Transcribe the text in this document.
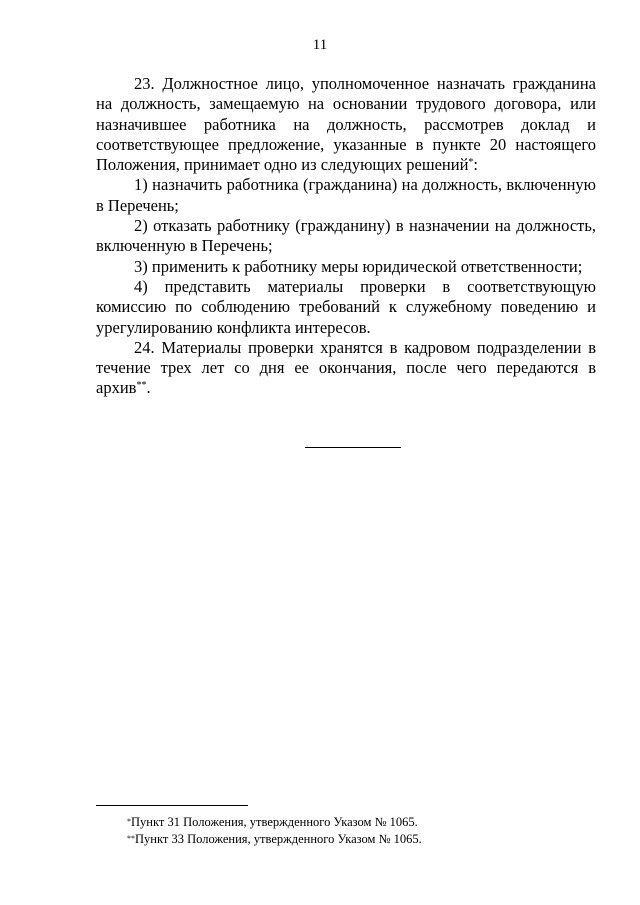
11

23. Должностное лицо, уполномоченное назначать гражданина на должность, замещаемую на основании трудового договора, или назначившее работника на должность, рассмотрев доклад и соответствующее предложение, указанные в пункте 20 настоящего Положения, принимает одно из следующих решений*:

1) назначить работника (гражданина) на должность, включенную в Перечень;

2) отказать работнику (гражданину) в назначении на должность, включенную в Перечень;

3) применить к работнику меры юридической ответственности;

4) представить материалы проверки в соответствующую комиссию по соблюдению требований к служебному поведению и урегулированию конфликта интересов.

24. Материалы проверки хранятся в кадровом подразделении в течение трех лет со дня ее окончания, после чего передаются в архив**.

*Пункт 31 Положения, утвержденного Указом № 1065.

**Пункт 33 Положения, утвержденного Указом № 1065.
